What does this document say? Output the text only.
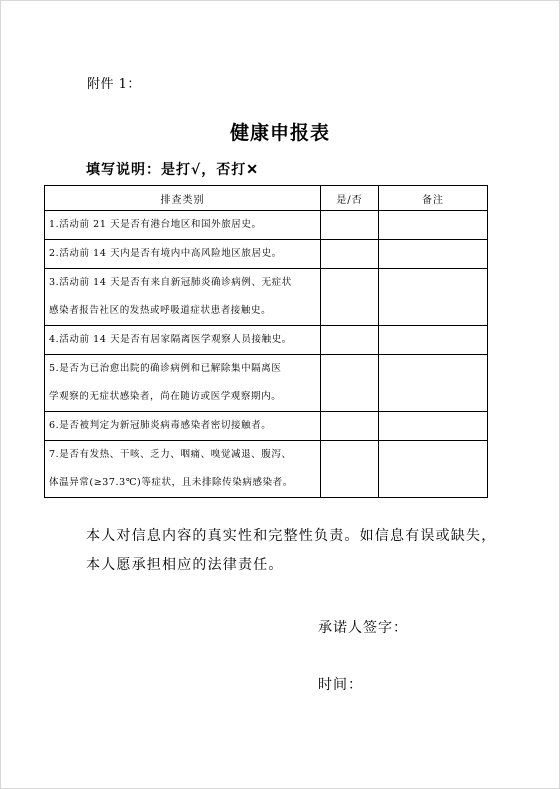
附件 1：
健康申报表
填写说明：是打√，否打✕
排查类别	是/否	备注

1.活动前 21 天是否有港台地区和国外旅居史。		

2.活动前 14 天内是否有境内中高风险地区旅居史。		

3.活动前 14 天是否有来自新冠肺炎确诊病例、无症状
感染者报告社区的发热或呼吸道症状患者接触史。		

4.活动前 14 天是否有居家隔离医学观察人员接触史。		

5.是否为已治愈出院的确诊病例和已解除集中隔离医
学观察的无症状感染者，尚在随访或医学观察期内。		

6.是否被判定为新冠肺炎病毒感染者密切接触者。		

7.是否有发热、干咳、乏力、咽痛、嗅觉减退、腹泻、
体温异常(≥37.3℃)等症状，且未排除传染病感染者。		

本人对信息内容的真实性和完整性负责。如信息有误或缺失，
本人愿承担相应的法律责任。
承诺人签字：
时间：
